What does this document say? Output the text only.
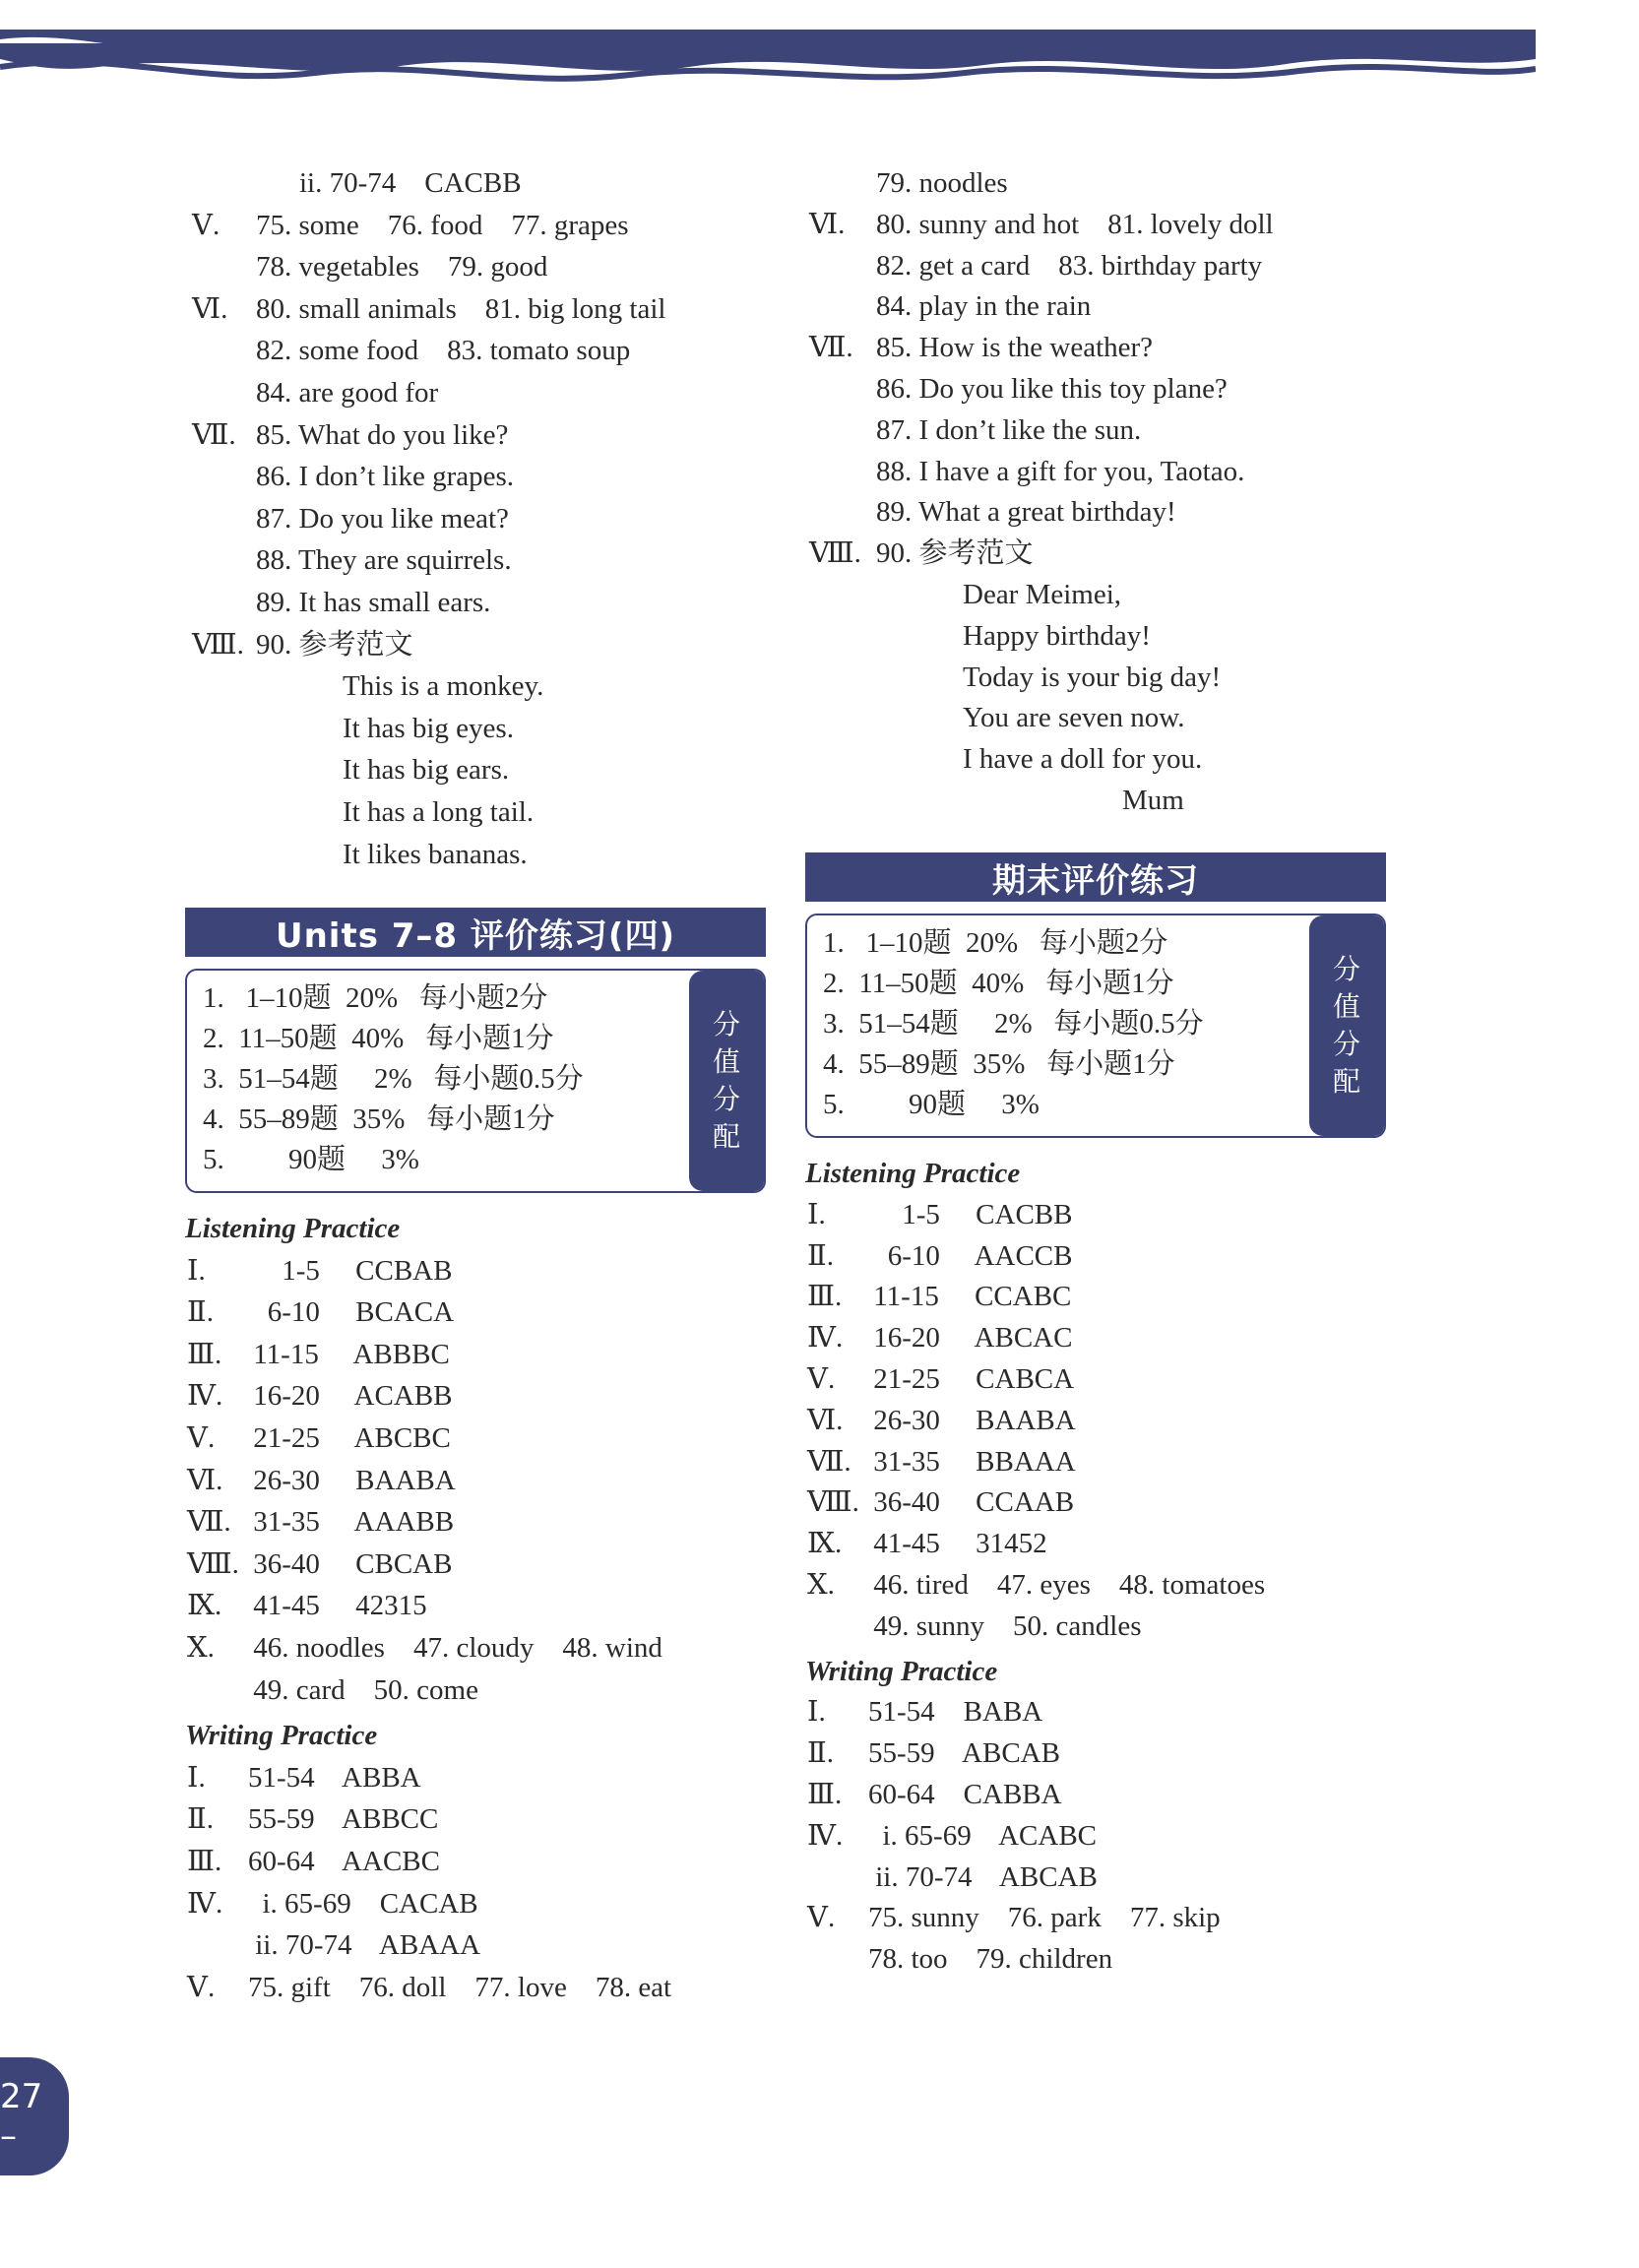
ii. 70-74    CACBB
Ⅴ. 75. some    76. food    77. grapes
78. vegetables    79. good
Ⅵ. 80. small animals    81. big long tail
82. some food    83. tomato soup
84. are good for
Ⅶ. 85. What do you like?
86. I don’t like grapes.
87. Do you like meat?
88. They are squirrels.
89. It has small ears.
Ⅷ. 90. 参考范文
This is a monkey.
It has big eyes.
It has big ears.
It has a long tail.
It likes bananas.
Units 7–8 评价练习(四)
1.   1–10题  20%   每小题2分
2.  11–50题  40%   每小题1分
3.  51–54题     2%   每小题0.5分
4.  55–89题  35%   每小题1分
5.         90题     3%
分
值
分
配
Listening Practice
Ⅰ. 1-5     CCBAB
Ⅱ. 6-10     BCACA
Ⅲ. 11-15     ABBBC
Ⅳ. 16-20     ACABB
Ⅴ. 21-25     ABCBC
Ⅵ. 26-30     BAABA
Ⅶ. 31-35     AAABB
Ⅷ. 36-40     CBCAB
Ⅸ. 41-45     42315
Ⅹ. 46. noodles    47. cloudy    48. wind
49. card    50. come
Writing Practice
Ⅰ. 51-54    ABBA
Ⅱ. 55-59    ABBCC
Ⅲ. 60-64    AACBC
Ⅳ. i. 65-69    CACAB
ii. 70-74    ABAAA
Ⅴ. 75. gift    76. doll    77. love    78. eat
79. noodles
Ⅵ. 80. sunny and hot    81. lovely doll
82. get a card    83. birthday party
84. play in the rain
Ⅶ. 85. How is the weather?
86. Do you like this toy plane?
87. I don’t like the sun.
88. I have a gift for you, Taotao.
89. What a great birthday!
Ⅷ. 90. 参考范文
Dear Meimei,
Happy birthday!
Today is your big day!
You are seven now.
I have a doll for you.
Mum
期末评价练习
1.   1–10题  20%   每小题2分
2.  11–50题  40%   每小题1分
3.  51–54题     2%   每小题0.5分
4.  55–89题  35%   每小题1分
5.         90题     3%
分
值
分
配
Listening Practice
Ⅰ. 1-5     CACBB
Ⅱ. 6-10     AACCB
Ⅲ. 11-15     CCABC
Ⅳ. 16-20     ABCAC
Ⅴ. 21-25     CABCA
Ⅵ. 26-30     BAABA
Ⅶ. 31-35     BBAAA
Ⅷ. 36-40     CCAAB
Ⅸ. 41-45     31452
Ⅹ. 46. tired    47. eyes    48. tomatoes
49. sunny    50. candles
Writing Practice
Ⅰ. 51-54    BABA
Ⅱ. 55-59    ABCAB
Ⅲ. 60-64    CABBA
Ⅳ. i. 65-69    ACABC
ii. 70-74    ABCAB
Ⅴ. 75. sunny    76. park    77. skip
78. too    79. children
27 –
